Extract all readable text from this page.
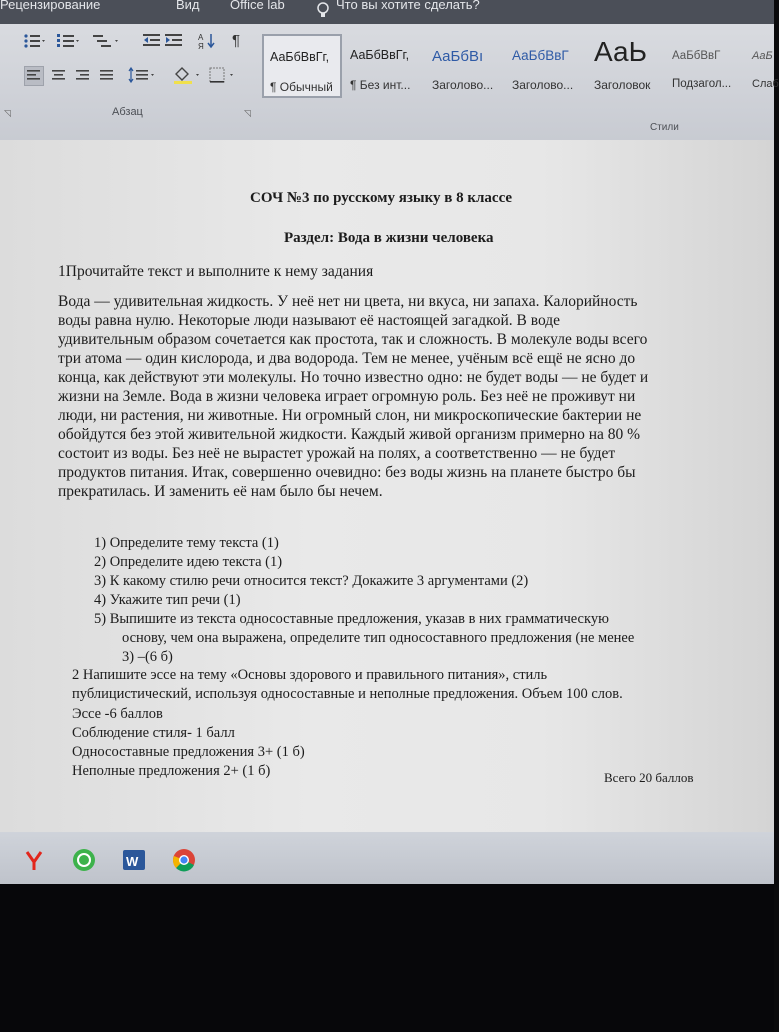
Рецензирование	Вид Office lab	Что вы хотите сделать?
A
Я ¶
Абзац
◹	◹
АаБбВвГг,
¶ Обычный
АаБбВвГг,
¶ Без инт...
АаБбВı
Заголово...
АаБбВвГ
Заголово...
АаЬ
Заголовок
АаБбВвГ
Подзагол...
АаБ
Слаб
Стили
СОЧ №3 по русскому языку в 8 классе
Раздел: Вода в жизни человека
1Прочитайте текст и выполните к нему задания
Вода — удивительная жидкость. У неё нет ни цвета, ни вкуса, ни запаха. Калорийность
воды равна нулю. Некоторые люди называют её настоящей загадкой. В воде
удивительным образом сочетается как простота, так и сложность. В молекуле воды всего
три атома — один кислорода, и два водорода. Тем не менее, учёным всё ещё не ясно до
конца, как действуют эти молекулы. Но точно известно одно: не будет воды — не будет и
жизни на Земле. Вода в жизни человека играет огромную роль. Без неё не проживут ни
люди, ни растения, ни животные. Ни огромный слон, ни микроскопические бактерии не
обойдутся без этой живительной жидкости. Каждый живой организм примерно на 80 %
состоит из воды. Без неё не вырастет урожай на полях, а соответственно — не будет
продуктов питания. Итак, совершенно очевидно: без воды жизнь на планете быстро бы
прекратилась. И заменить её нам было бы нечем.
1) Определите тему текста (1)
2) Определите идею текста (1)
3) К какому стилю речи относится текст? Докажите 3 аргументами (2)
4) Укажите тип речи (1)
5) Выпишите из текста односоставные предложения, указав в них грамматическую
основу, чем она выражена, определите тип односоставного предложения (не менее
3) –(6 б)
2 Напишите эссе на тему «Основы здорового и правильного питания», стиль
публицистический, используя односоставные и неполные предложения. Объем 100 слов.
Эссе -6 баллов
Соблюдение стиля- 1 балл
Односоставные предложения 3+ (1 б)
Неполные предложения 2+ (1 б)	Всего 20 баллов
W
